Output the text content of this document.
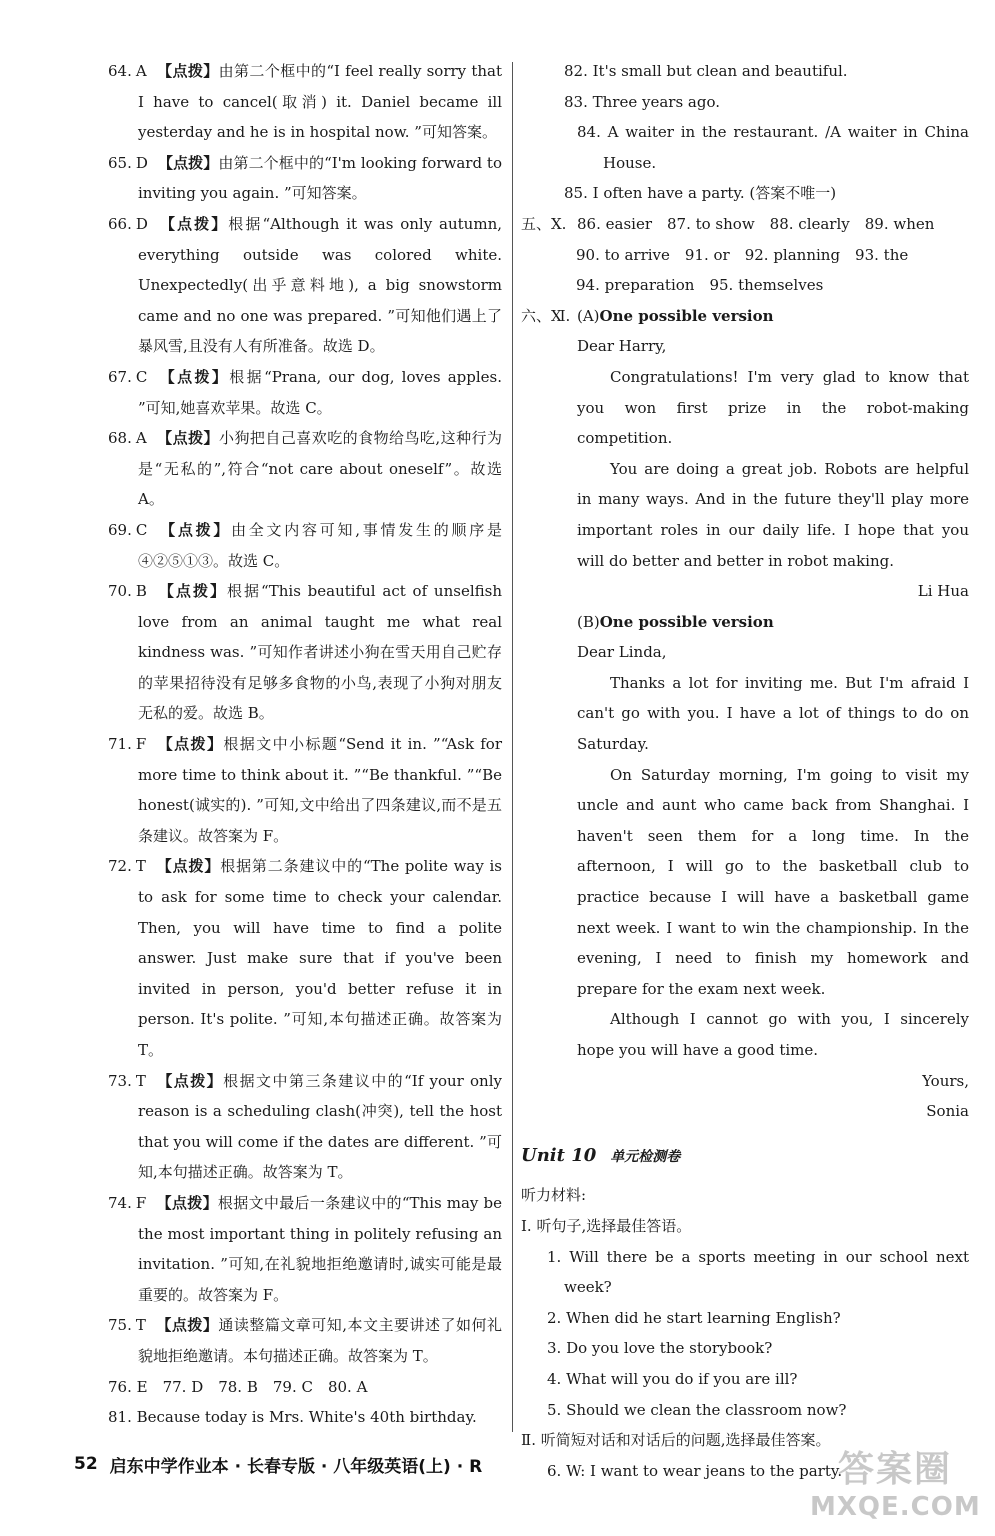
64. A 【点拨】由第二个框中的“I feel really sorry that I have to cancel(取消) it. Daniel became ill yesterday and he is in hospital now. ”可知答案。
65. D 【点拨】由第二个框中的“I'm looking forward to inviting you again. ”可知答案。
66. D 【点拨】根据“Although it was only autumn, everything outside was colored white. Unexpectedly(出乎意料地), a big snowstorm came and no one was prepared. ”可知他们遇上了暴风雪,且没有人有所准备。故选 D。
67. C 【点拨】根据“Prana, our dog, loves apples. ”可知,她喜欢苹果。故选 C。
68. A 【点拨】小狗把自己喜欢吃的食物给鸟吃,这种行为是“无私的”,符合“not care about oneself”。故选 A。
69. C 【点拨】由全文内容可知,事情发生的顺序是④②⑤①③。故选 C。
70. B 【点拨】根据“This beautiful act of unselfish love from an animal taught me what real kindness was. ”可知作者讲述小狗在雪天用自己贮存的苹果招待没有足够多食物的小鸟,表现了小狗对朋友无私的爱。故选 B。
71. F 【点拨】根据文中小标题“Send it in. ”“Ask for more time to think about it. ”“Be thankful. ”“Be honest(诚实的). ”可知,文中给出了四条建议,而不是五条建议。故答案为 F。
72. T 【点拨】根据第二条建议中的“The polite way is to ask for some time to check your calendar. Then, you will have time to find a polite answer. Just make sure that if you've been invited in person, you'd better refuse it in person. It's polite. ”可知,本句描述正确。故答案为 T。
73. T 【点拨】根据文中第三条建议中的“If your only reason is a scheduling clash(冲突), tell the host that you will come if the dates are different. ”可知,本句描述正确。故答案为 T。
74. F 【点拨】根据文中最后一条建议中的“This may be the most important thing in politely refusing an invitation. ”可知,在礼貌地拒绝邀请时,诚实可能是最重要的。故答案为 F。
75. T 【点拨】通读整篇文章可知,本文主要讲述了如何礼貌地拒绝邀请。本句描述正确。故答案为 T。
76. E　77. D　78. B　79. C　80. A
81. Because today is Mrs. White's 40th birthday.
82. It's small but clean and beautiful.
83. Three years ago.
84. A waiter in the restaurant. /A waiter in China House.
85. I often have a party. (答案不唯一)
五、Ⅹ. 86. easier　87. to show　88. clearly　89. when
90. to arrive　91. or　92. planning　93. the
94. preparation　95. themselves
六、Ⅺ. (A) One possible version
Dear Harry,
Congratulations! I'm very glad to know that you won first prize in the robot-making competition.
You are doing a great job. Robots are helpful in many ways. And in the future they'll play more important roles in our daily life. I hope that you will do better and better in robot making.
Li Hua
(B)One possible version
Dear Linda,
Thanks a lot for inviting me. But I'm afraid I can't go with you. I have a lot of things to do on Saturday.
On Saturday morning, I'm going to visit my uncle and aunt who came back from Shanghai. I haven't seen them for a long time. In the afternoon, I will go to the basketball club to practice because I will have a basketball game next week. I want to win the championship. In the evening, I need to finish my homework and prepare for the exam next week.
Although I cannot go with you, I sincerely hope you will have a good time.
Yours,
Sonia
Unit 10 单元检测卷
听力材料:
Ⅰ. 听句子,选择最佳答语。
1. Will there be a sports meeting in our school next week?
2. When did he start learning English?
3. Do you love the storybook?
4. What will you do if you are ill?
5. Should we clean the classroom now?
Ⅱ. 听简短对话和对话后的问题,选择最佳答案。
6. W: I want to wear jeans to the party.
52 启东中学作业本 · 长春专版 · 八年级英语(上) · R	答案圈
MXQE.COM
